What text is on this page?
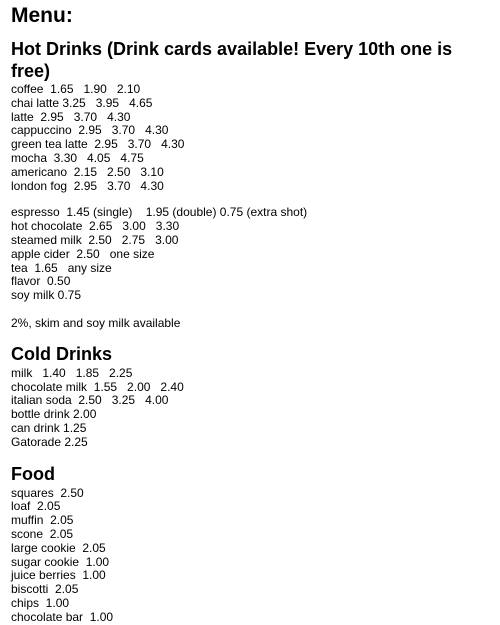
Menu:
Hot Drinks (Drink cards available! Every 10th one is free)
coffee  1.65   1.90   2.10
chai latte 3.25   3.95   4.65
latte  2.95   3.70   4.30
cappuccino  2.95   3.70   4.30
green tea latte  2.95   3.70   4.30
mocha  3.30   4.05   4.75
americano  2.15   2.50   3.10
london fog  2.95   3.70   4.30
espresso  1.45 (single)    1.95 (double) 0.75 (extra shot)
hot chocolate  2.65   3.00   3.30
steamed milk  2.50   2.75   3.00
apple cider  2.50   one size
tea  1.65   any size
flavor  0.50
soy milk 0.75
2%, skim and soy milk available
Cold Drinks
milk   1.40   1.85   2.25
chocolate milk  1.55   2.00   2.40
italian soda  2.50   3.25   4.00
bottle drink 2.00
can drink 1.25
Gatorade 2.25
Food
squares  2.50
loaf  2.05
muffin  2.05
scone  2.05
large cookie  2.05
sugar cookie  1.00
juice berries  1.00
biscotti  2.05
chips  1.00
chocolate bar  1.00
